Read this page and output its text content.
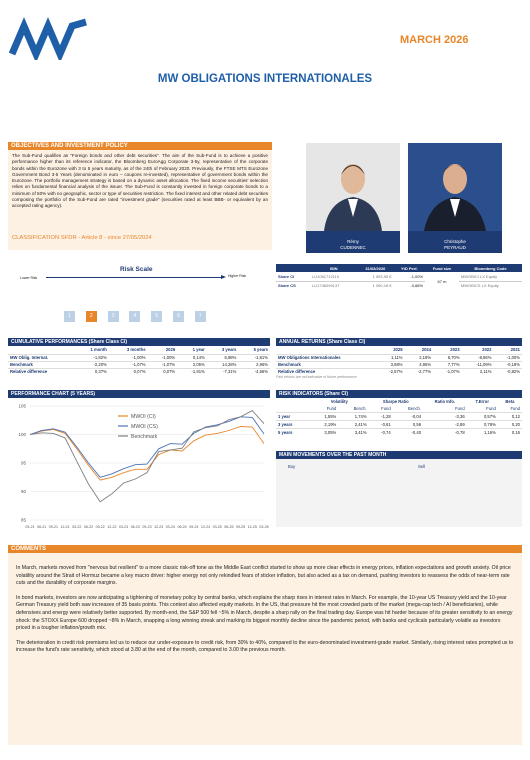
MARCH 2026
MW OBLIGATIONS INTERNATIONALES
OBJECTIVES AND INVESTMENT POLICY
The Sub-Fund qualifies as "Foreign bonds and other debt securities". The aim of the Sub-Fund is to achieve a positive performance higher than its reference indicator, the Bloomberg EuroAgg Corporate 3-5y, representative of the corporate bonds within the Eurozone with 3 to 5 years maturity, as of the 24th of February 2020. Previously, the FTSE MTS Eurozone Government Bond 3-5 Years (denominated in euro – coupons re-invested), representative of government bonds within the Eurozone. The portfolio management strategy is based on a dynamic asset allocation. The fixed income securities' selection relies on fundamental financial analysis of the issuer. The Sub-Fund is constantly invested in foreign corporate bonds to a minimum of 50% with no geographic, sector or type of securities restriction. The fixed interest and other related debt securities composing the portfolio of the Sub-Fund are rated "investment grade" (securities rated at least BBB- or equivalent by an accepted rating agency).
CLASSIFICATION SFDR - Article 8 - since 27/05/2024
Rémy
CUDENNEC
Christophe
PEYRAUD
Risk Scale
Lower Risk	Higher Risk
1	2	3	4	5	6	7
	ISIN	31/03/2026	YtD Perf.	Fund size	Bloomberg Code
Share CI	LU1061712110	1 593,95 €	-1,00%	67 m	MWOBICI LX Equity
Share CS	LU1746099137	1 050,18 €	-0,88%		MWOBICS LX Equity
CUMULATIVE PERFORMANCES (Share Class CI)
	1 month	3 months	2026	1 year	3 years	5 years
MW Oblig. Internat.	-1,82%	-1,00%	-1,00%	0,14%	6,98%	-1,61%
Benchmark	-2,20%	-1,07%	-1,07%	2,05%	14,28%	2,96%
Relative difference	0,37%	0,07%	0,07%	-1,91%	-7,31%	-4,56%
ANNUAL RETURNS (Share Class CI)
	2025	2024	2023	2022	2021
MW Obligations Internationales	1,11%	2,18%	6,70%	-8,96%	-1,00%
Benchmark	3,68%	4,95%	7,77%	-11,09%	-0,18%
Relative difference	-2,57%	-2,77%	-1,07%	2,11%	-0,82%
Past returns are not indicative of future performance
PERFORMANCE CHART (5 YEARS)
85
90
95
100
105
03-21 06-21 09-21 12-21 03-22 06-22 09-22 12-22 03-23 06-23 09-23 12-23 03-24 06-24 09-24 12-24 03-25 06-25 09-25 12-25 03-26
MWOI (CI)
MWOI (CS)
Benchmark
RISK INDICATORS (Share CI)
	Volatility		Sharpe Ratio		Ratio Info.	T.Error	Beta
	Fund	Bench.	Fund	Bench.	Fund	Fund	Fund
1 year	1,55%	1,74%	-1,28	-0,04	-3,36	0,57%	0,12
3 years	2,19%	2,41%	-0,61	0,56	-2,89	0,79%	0,20
5 years	3,05%	3,41%	-0,74	-0,40	-0,78	1,16%	0,16
MAIN MOVEMENTS OVER THE PAST MONTH
Buy	Sell
COMMENTS

In March, markets moved from "nervous but resilient" to a more classic risk-off tone as the Middle East conflict started to show up more clear effects in energy prices, inflation expectations and growth anxiety. Oil price volatility around the Strait of Hormuz became a key macro driver: higher energy not only rekindled fears of sticker inflation, but also acted as a tax on demand, pushing investors to reassess the odds of near-term rate cuts and the durability of corporate margins.

In bond markets, investors are now anticipating a tightening of monetary policy by central banks, which explains the sharp rises in interest rates in March. For example, the 10-year US Treasury yield and the 10-year German Treasury yield both saw increases of 35 basis points. This context also affected equity markets. In the US, that pressure hit the most crowded parts of the market (mega-cap tech / AI beneficiaries), while defensives and energy were relatively better supported. By month-end, the S&P 500 fell ~5% in March, despite a sharp rally on the final trading day. Europe was hit harder because of its greater sensitivity to an energy shock: the STOXX Europe 600 dropped ~8% in March, snapping a long winning streak and marking its biggest monthly decline since the pandemic period, with banks and cyclicals particularly volatile as investors priced in a tougher inflation/growth mix.

The deterioration in credit risk premiums led us to reduce our under-exposure to credit risk, from 30% to 40%, compared to the euro-denominated investment-grade market. Similarly, rising interest rates prompted us to increase the fund's rate sensitivity, which stood at 3.80 at the end of the month, compared to 3.00 the previous month.
